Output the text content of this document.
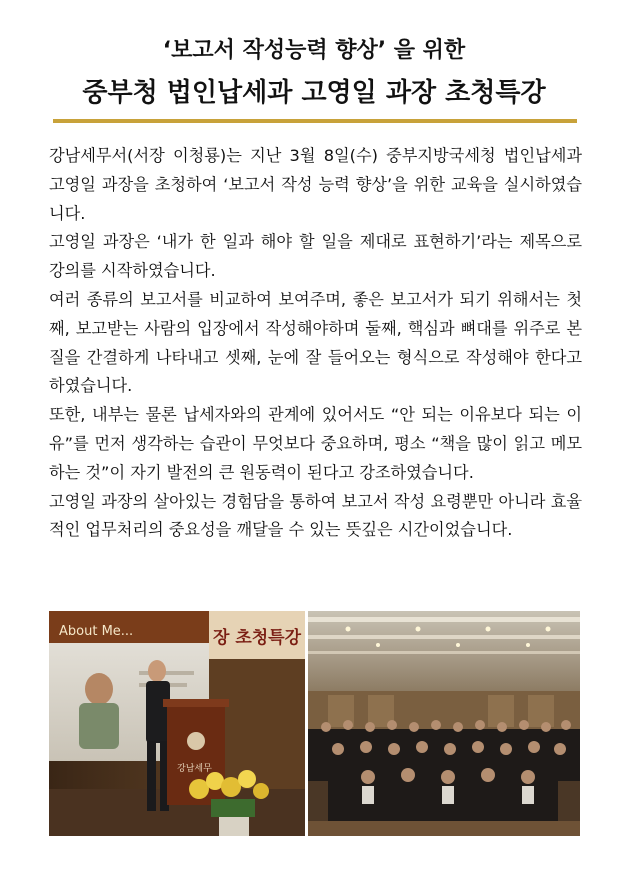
‘보고서 작성능력 향상’ 을 위한
중부청 법인납세과 고영일 과장 초청특강

강남세무서(서장 이청룡)는 지난 3월 8일(수) 중부지방국세청 법인납세과 고영일 과장을 초청하여 ‘보고서 작성 능력 향상’을 위한 교육을 실시하였습니다.

고영일 과장은 ‘내가 한 일과 해야 할 일을 제대로 표현하기’라는 제목으로 강의를 시작하였습니다.

여러 종류의 보고서를 비교하여 보여주며, 좋은 보고서가 되기 위해서는 첫째, 보고받는 사람의 입장에서 작성해야하며 둘째, 핵심과 뼈대를 위주로 본질을 간결하게 나타내고 셋째, 눈에 잘 들어오는 형식으로 작성해야 한다고 하였습니다.

또한, 내부는 물론 납세자와의 관계에 있어서도 “안 되는 이유보다 되는 이유”를 먼저 생각하는 습관이 무엇보다 중요하며, 평소 “책을 많이 읽고 메모하는 것”이 자기 발전의 큰 원동력이 된다고 강조하였습니다.

고영일 과장의 살아있는 경험담을 통하여 보고서 작성 요령뿐만 아니라 효율적인 업무처리의 중요성을 깨달을 수 있는 뜻깊은 시간이었습니다.

About Me...	장 초청특강
강남세무
